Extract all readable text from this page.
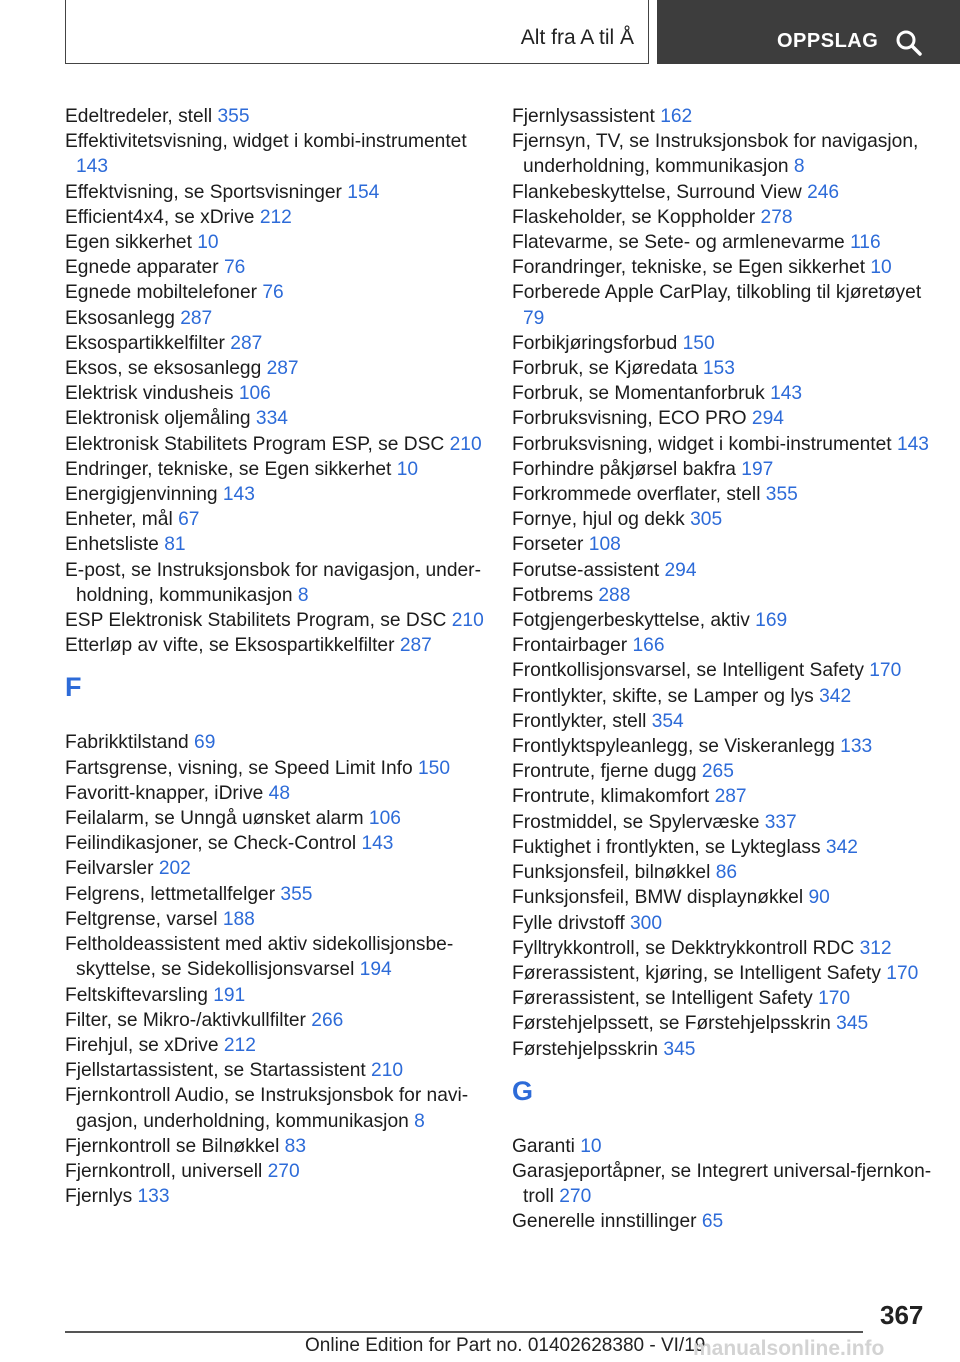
Alt fra A til Å	OPPSLAG
Edeltredeler, stell 355
Effektivitetsvisning, widget i kombi-instrumentet 143
Effektvisning, se Sportsvisninger 154
Efficient4x4, se xDrive 212
Egen sikkerhet 10
Egnede apparater 76
Egnede mobiltelefoner 76
Eksosanlegg 287
Eksospartikkelfilter 287
Eksos, se eksosanlegg 287
Elektrisk vindusheis 106
Elektronisk oljemåling 334
Elektronisk Stabilitets Program ESP, se DSC 210
Endringer, tekniske, se Egen sikkerhet 10
Energigjenvinning 143
Enheter, mål 67
Enhetsliste 81
E-post, se Instruksjonsbok for navigasjon, underholdning, kommunikasjon 8
ESP Elektronisk Stabilitets Program, se DSC 210
Etterløp av vifte, se Eksospartikkelfilter 287
F
Fabrikktilstand 69
Fartsgrense, visning, se Speed Limit Info 150
Favoritt-knapper, iDrive 48
Feilalarm, se Unngå uønsket alarm 106
Feilindikasjoner, se Check-Control 143
Feilvarsler 202
Felgrens, lettmetallfelger 355
Feltgrense, varsel 188
Feltholdeassistent med aktiv sidekollisjonsbeskyttelse, se Sidekollisjonsvarsel 194
Feltskiftevarsling 191
Filter, se Mikro-/aktivkullfilter 266
Firehjul, se xDrive 212
Fjellstartassistent, se Startassistent 210
Fjernkontroll Audio, se Instruksjonsbok for navigasjon, underholdning, kommunikasjon 8
Fjernkontroll se Bilnøkkel 83
Fjernkontroll, universell 270
Fjernlys 133
Fjernlysassistent 162
Fjernsyn, TV, se Instruksjonsbok for navigasjon, underholdning, kommunikasjon 8
Flankebeskyttelse, Surround View 246
Flaskeholder, se Koppholder 278
Flatevarme, se Sete- og armlenevarme 116
Forandringer, tekniske, se Egen sikkerhet 10
Forberede Apple CarPlay, tilkobling til kjøretøyet 79
Forbikjøringsforbud 150
Forbruk, se Kjøredata 153
Forbruk, se Momentanforbruk 143
Forbruksvisning, ECO PRO 294
Forbruksvisning, widget i kombi-instrumentet 143
Forhindre påkjørsel bakfra 197
Forkrommede overflater, stell 355
Fornye, hjul og dekk 305
Forseter 108
Forutse-assistent 294
Fotbrems 288
Fotgjengerbeskyttelse, aktiv 169
Frontairbager 166
Frontkollisjonsvarsel, se Intelligent Safety 170
Frontlykter, skifte, se Lamper og lys 342
Frontlykter, stell 354
Frontlyktspyleanlegg, se Viskeranlegg 133
Frontrute, fjerne dugg 265
Frontrute, klimakomfort 287
Frostmiddel, se Spylervæske 337
Fuktighet i frontlykten, se Lykteglass 342
Funksjonsfeil, bilnøkkel 86
Funksjonsfeil, BMW displaynøkkel 90
Fylle drivstoff 300
Fylltrykkontroll, se Dekktrykkontroll RDC 312
Førerassistent, kjøring, se Intelligent Safety 170
Førerassistent, se Intelligent Safety 170
Førstehjelpssett, se Førstehjelpsskrin 345
Førstehjelpsskrin 345
G
Garanti 10
Garasjeportåpner, se Integrert universal-fjernkontroll 270
Generelle innstillinger 65
367
Online Edition for Part no. 01402628380 - VI/19
manualsonline.info
